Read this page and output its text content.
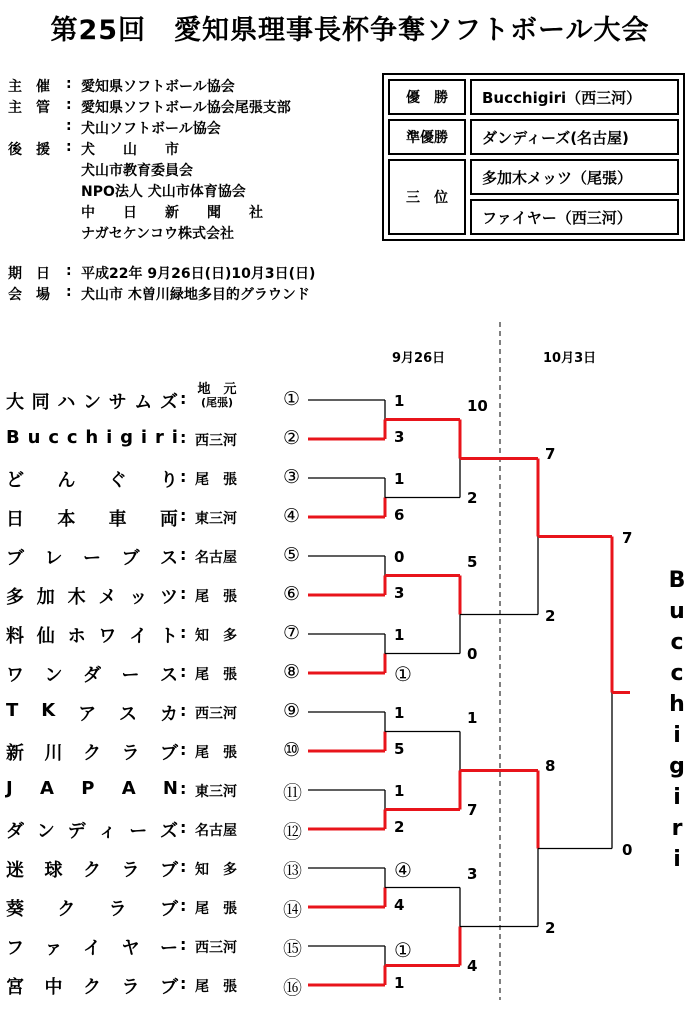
第25回　愛知県理事長杯争奪ソフトボール大会
主　催	: 愛知県ソフトボール協会
主　管	: 愛知県ソフトボール協会尾張支部
: 犬山ソフトボール協会
後　援	: 犬　　山　　市
犬山市教育委員会
NPO法人 犬山市体育協会
中　　日　　新　　聞　　社
ナガセケンコウ株式会社
期　日	: 平成22年 9月26日(日)10月3日(日)
会　場	: 犬山市 木曽川緑地多目的グラウンド
優　勝	Bucchigiri（西三河）
準優勝	ダンディーズ(名古屋)
三　位	多加木メッツ（尾張）
	ファイヤー（西三河）
9月26日	10月3日
大 同 ハ ン サ ム ズ : 地　元
(尾張)	①
B u c c h i g i r i : 西三河	②
ど ん ぐ り : 尾　張	③
日 本 車 両 : 東三河	④
ブ レ ー ブ ス : 名古屋	⑤
多 加 木 メ ッ ツ : 尾　張	⑥
料 仙 ホ ワ イ ト : 知　多	⑦
ワ ン ダ ー ス : 尾　張	⑧
T K ア ス カ : 西三河	⑨
新 川 ク ラ ブ : 尾　張	⑩
J A P A N : 東三河	⑪
ダ ン デ ィ ー ズ : 名古屋	⑫
迷 球 ク ラ ブ : 知　多	⑬
葵 ク ラ ブ : 尾　張	⑭
フ ァ イ ヤ ー : 西三河	⑮
宮 中 ク ラ ブ : 尾　張	⑯
1
3
1
6
0
3
1
①
1
5
1
2
④
4
①
1
10
2
5
0
1
7
3
4
7
2
8
2
7
0
B
u
c
c
h
i
g
i
r
i
